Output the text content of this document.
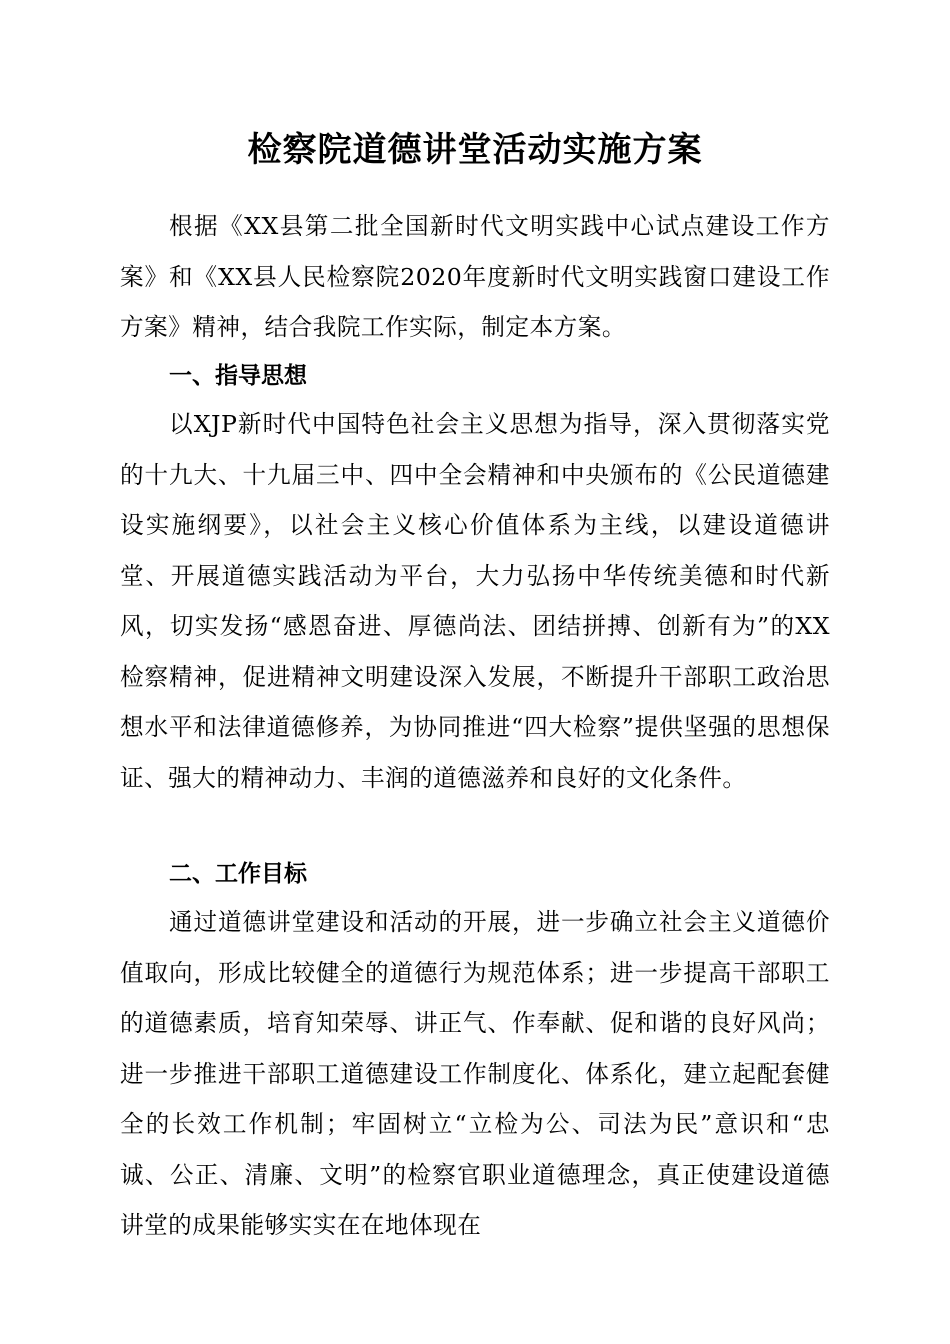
检察院道德讲堂活动实施方案

根据《XX县第二批全国新时代文明实践中心试点建设工作方案》和《XX县人民检察院2020年度新时代文明实践窗口建设工作方案》精神，结合我院工作实际，制定本方案。

一、指导思想

以XJP新时代中国特色社会主义思想为指导，深入贯彻落实党的十九大、十九届三中、四中全会精神和中央颁布的《公民道德建设实施纲要》，以社会主义核心价值体系为主线，以建设道德讲堂、开展道德实践活动为平台，大力弘扬中华传统美德和时代新风，切实发扬“感恩奋进、厚德尚法、团结拼搏、创新有为”的XX检察精神，促进精神文明建设深入发展，不断提升干部职工政治思想水平和法律道德修养，为协同推进“四大检察”提供坚强的思想保证、强大的精神动力、丰润的道德滋养和良好的文化条件。

二、工作目标

通过道德讲堂建设和活动的开展，进一步确立社会主义道德价值取向，形成比较健全的道德行为规范体系；进一步提高干部职工的道德素质，培育知荣辱、讲正气、作奉献、促和谐的良好风尚；进一步推进干部职工道德建设工作制度化、体系化，建立起配套健全的长效工作机制；牢固树立“立检为公、司法为民”意识和“忠诚、公正、清廉、文明”的检察官职业道德理念，真正使建设道德讲堂的成果能够实实在在地体现在
